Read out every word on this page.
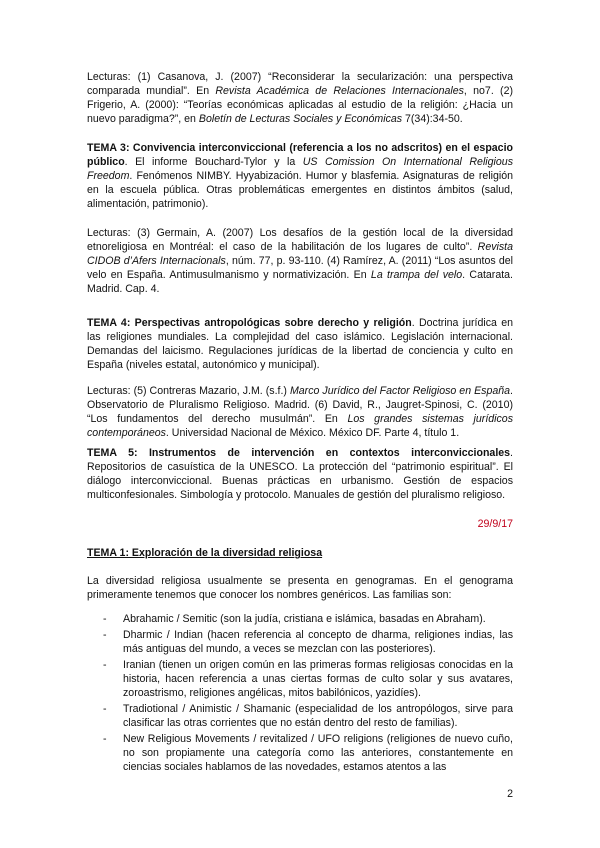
Lecturas: (1) Casanova, J. (2007) “Reconsiderar la secularización: una perspectiva comparada mundial”. En Revista Académica de Relaciones Internacionales, no7. (2) Frigerio, A. (2000): “Teorías económicas aplicadas al estudio de la religión: ¿Hacia un nuevo paradigma?”, en Boletín de Lecturas Sociales y Económicas 7(34):34-50.

TEMA 3: Convivencia interconviccional (referencia a los no adscritos) en el espacio público. El informe Bouchard-Tylor y la US Comission On International Religious Freedom. Fenómenos NIMBY. Hyyabización. Humor y blasfemia. Asignaturas de religión en la escuela pública. Otras problemáticas emergentes en distintos ámbitos (salud, alimentación, patrimonio).

Lecturas: (3) Germain, A. (2007) Los desafíos de la gestión local de la diversidad etnoreligiosa en Montréal: el caso de la habilitación de los lugares de culto”. Revista CIDOB d’Afers Internacionals, núm. 77, p. 93-110. (4) Ramírez, A. (2011) “Los asuntos del velo en España. Antimusulmanismo y normativización. En La trampa del velo. Catarata. Madrid. Cap. 4.

TEMA 4: Perspectivas antropológicas sobre derecho y religión. Doctrina jurídica en las religiones mundiales. La complejidad del caso islámico. Legislación internacional. Demandas del laicismo. Regulaciones jurídicas de la libertad de conciencia y culto en España (niveles estatal, autonómico y municipal).

Lecturas: (5) Contreras Mazario, J.M. (s.f.) Marco Jurídico del Factor Religioso en España. Observatorio de Pluralismo Religioso. Madrid. (6) David, R., Jaugret-Spinosi, C. (2010) “Los fundamentos del derecho musulmán”. En Los grandes sistemas jurídicos contemporáneos. Universidad Nacional de México. México DF. Parte 4, título 1.

TEMA 5: Instrumentos de intervención en contextos interconviccionales. Repositorios de casuística de la UNESCO. La protección del “patrimonio espiritual”. El diálogo interconviccional. Buenas prácticas en urbanismo. Gestión de espacios multiconfesionales. Simbología y protocolo. Manuales de gestión del pluralismo religioso.

29/9/17
TEMA 1: Exploración de la diversidad religiosa

La diversidad religiosa usualmente se presenta en genogramas. En el genograma primeramente tenemos que conocer los nombres genéricos. Las familias son:

- Abrahamic / Semitic (son la judía, cristiana e islámica, basadas en Abraham).
- Dharmic / Indian (hacen referencia al concepto de dharma, religiones indias, las más antiguas del mundo, a veces se mezclan con las posteriores).
- Iranian (tienen un origen común en las primeras formas religiosas conocidas en la historia, hacen referencia a unas ciertas formas de culto solar y sus avatares, zoroastrismo, religiones angélicas, mitos babilónicos, yazidíes).
- Tradiotional / Animistic / Shamanic (especialidad de los antropólogos, sirve para clasificar las otras corrientes que no están dentro del resto de familias).
- New Religious Movements / revitalized / UFO religions (religiones de nuevo cuño, no son propiamente una categoría como las anteriores, constantemente en ciencias sociales hablamos de las novedades, estamos atentos a las
2
